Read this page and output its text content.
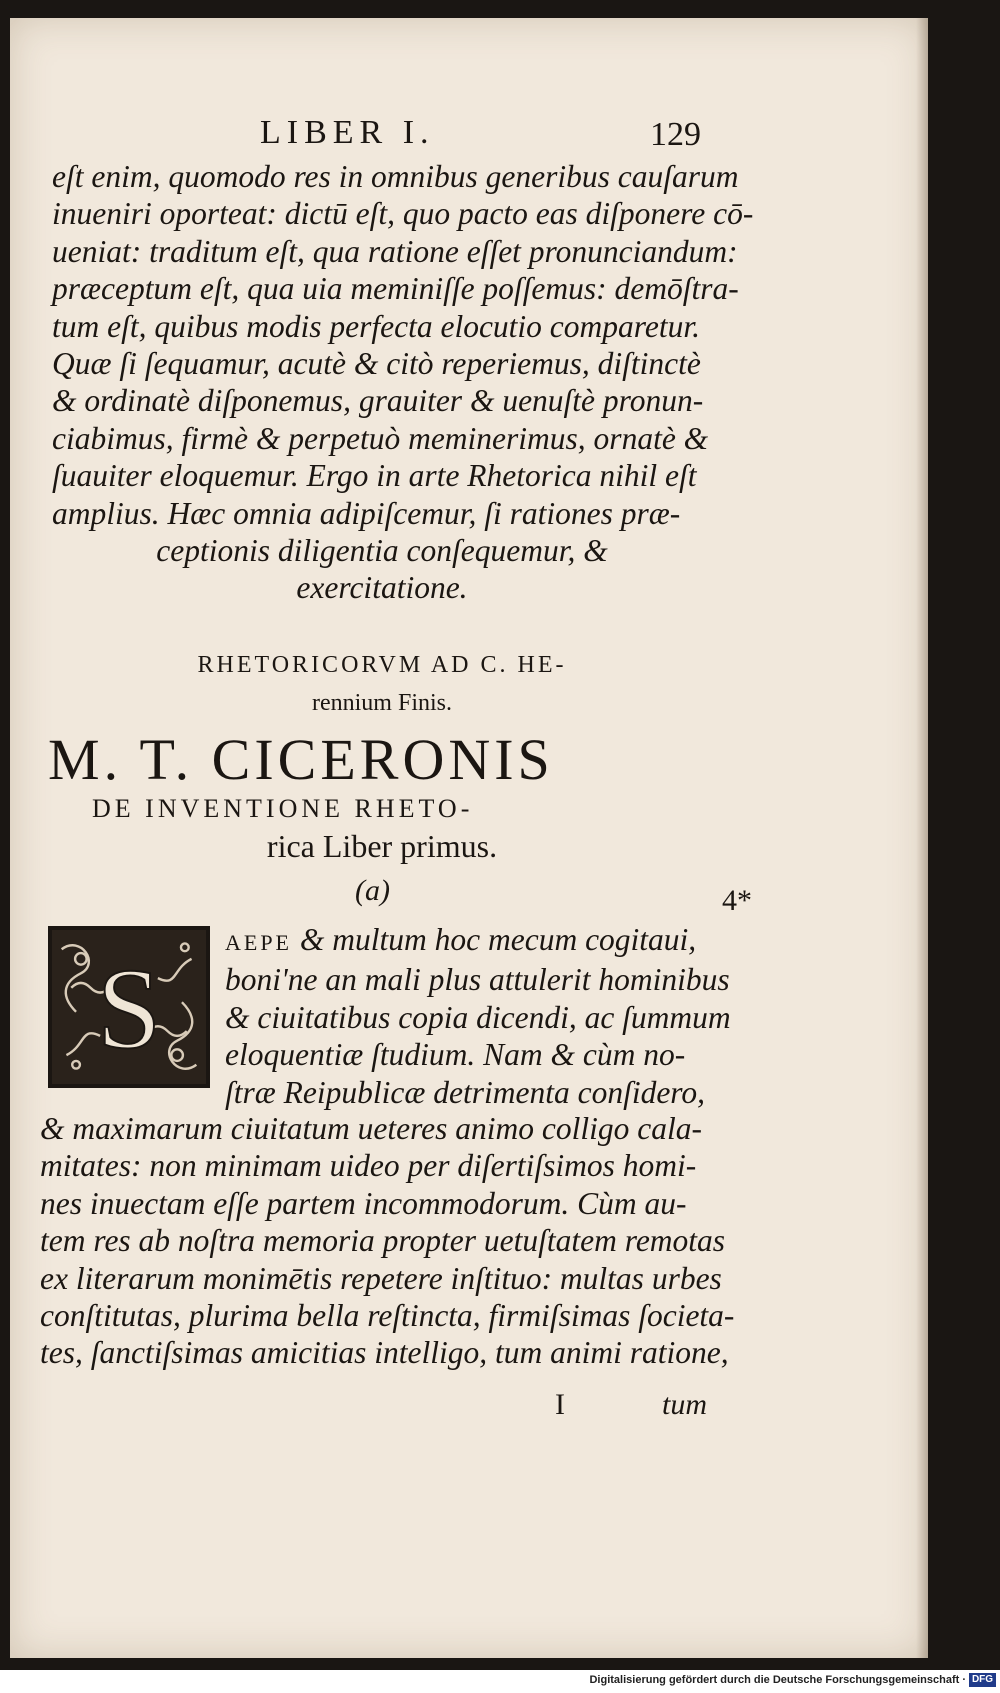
LIBER I.	129
eſt enim, quomodo res in omnibus generibus cauſarum
inueniri oporteat: dictū eſt, quo pacto eas diſponere cō-
ueniat: traditum eſt, qua ratione eſſet pronunciandum:
præceptum eſt, qua uia meminiſſe poſſemus: demōſtra-
tum eſt, quibus modis perfecta elocutio comparetur.
Quæ ſi ſequamur, acutè & citò reperiemus, diſtinctè
& ordinatè diſponemus, grauiter & uenuſtè pronun-
ciabimus, firmè & perpetuò meminerimus, ornatè &
ſuauiter eloquemur. Ergo in arte Rhetorica nihil eſt
amplius. Hæc omnia adipiſcemur, ſi rationes præ-
ceptionis diligentia conſequemur, &
exercitatione.
RHETORICORVM AD C. HE-
rennium Finis.
M. T. CICERONIS
DE INVENTIONE RHETO-
rica Liber primus.
(a)	4*
S
AEPE & multum hoc mecum cogitaui,
boni'ne an mali plus attulerit hominibus
& ciuitatibus copia dicendi, ac ſummum
eloquentiæ ſtudium. Nam & cùm no-
ſtræ Reipublicæ detrimenta conſidero,
& maximarum ciuitatum ueteres animo colligo cala-
mitates: non minimam uideo per diſertiſsimos homi-
nes inuectam eſſe partem incommodorum. Cùm au-
tem res ab noſtra memoria propter uetuſtatem remotas
ex literarum monimētis repetere inſtituo: multas urbes
conſtitutas, plurima bella reſtincta, firmiſsimas ſocieta-
tes, ſanctiſsimas amicitias intelligo, tum animi ratione,
I	tum
Digitalisierung gefördert durch die Deutsche Forschungsgemeinschaft · DFG
